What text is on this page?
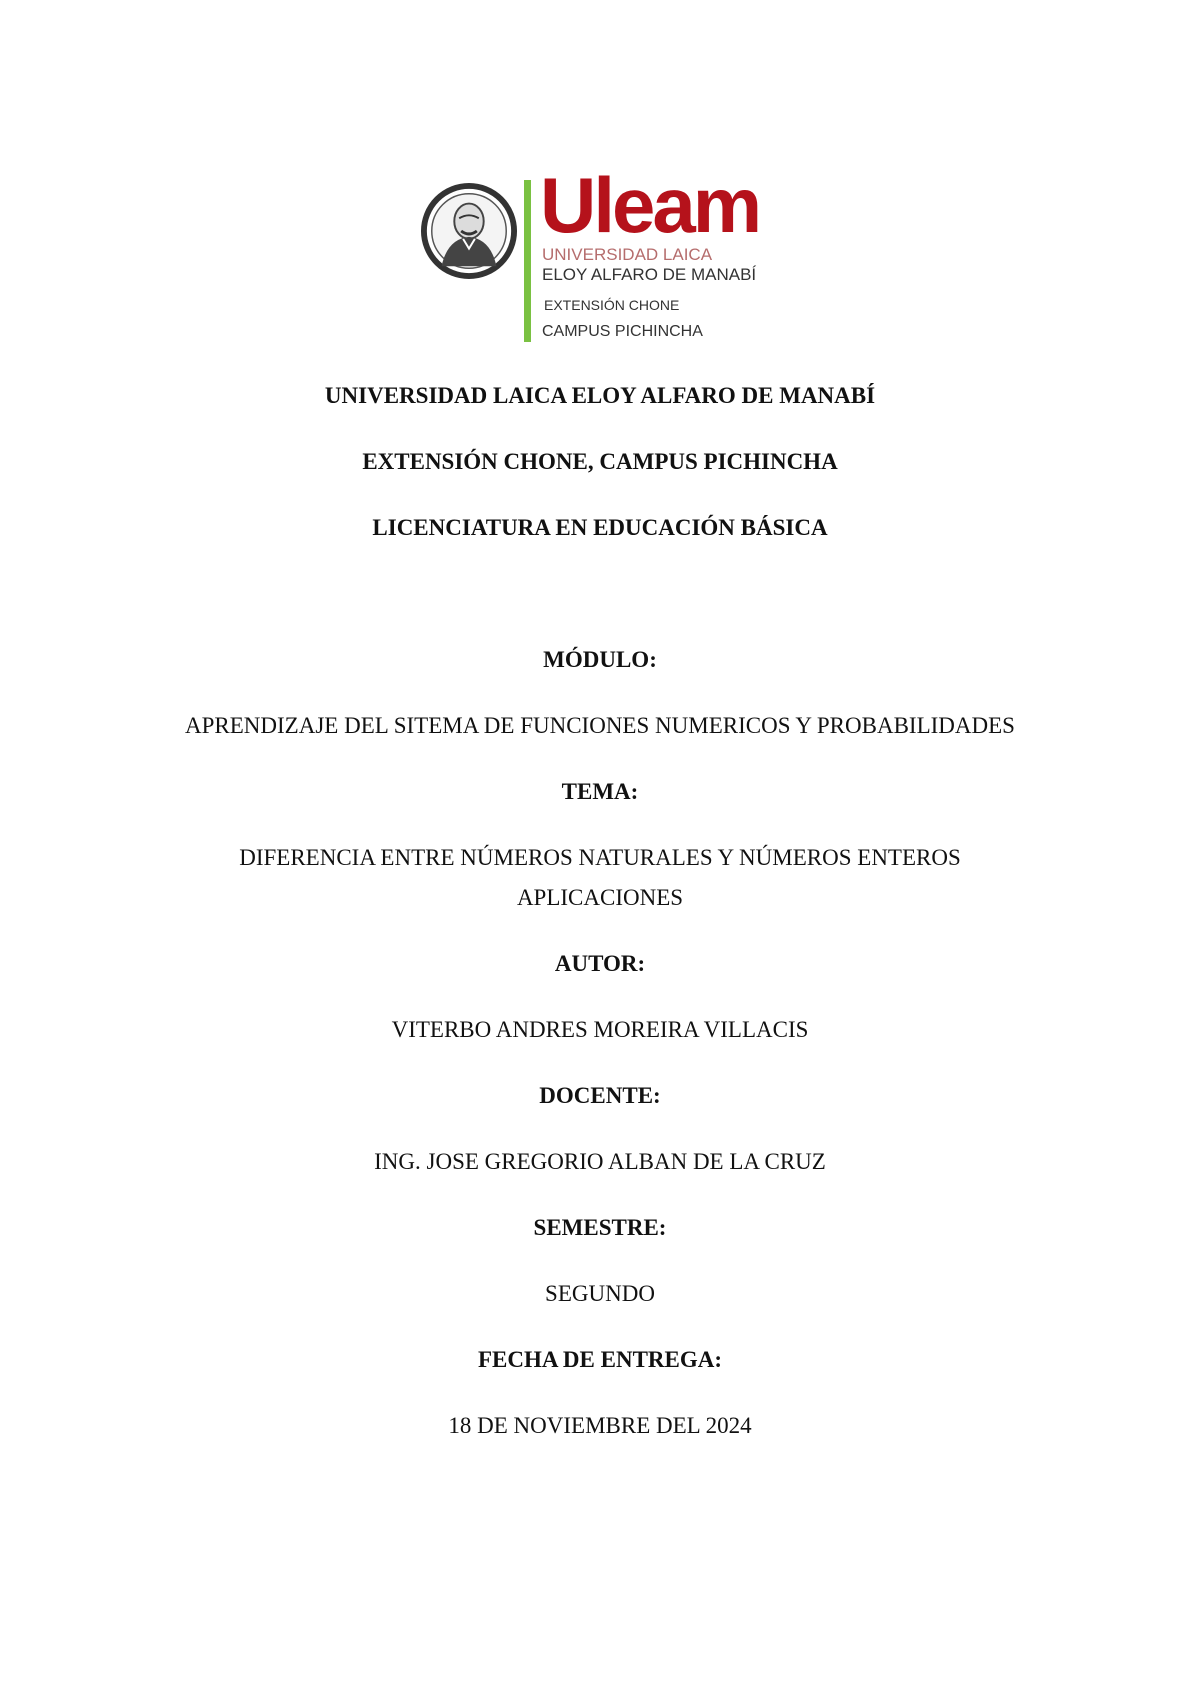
Uleam
UNIVERSIDAD LAICA
ELOY ALFARO DE MANABÍ
EXTENSIÓN CHONE
CAMPUS PICHINCHA
UNIVERSIDAD LAICA ELOY ALFARO DE MANABÍ
EXTENSIÓN CHONE, CAMPUS PICHINCHA
LICENCIATURA EN EDUCACIÓN BÁSICA
MÓDULO:
APRENDIZAJE DEL SITEMA DE FUNCIONES NUMERICOS Y PROBABILIDADES
TEMA:
DIFERENCIA ENTRE NÚMEROS NATURALES Y NÚMEROS ENTEROS
APLICACIONES
AUTOR:
VITERBO ANDRES MOREIRA VILLACIS
DOCENTE:
ING. JOSE GREGORIO ALBAN DE LA CRUZ
SEMESTRE:
SEGUNDO
FECHA DE ENTREGA:
18 DE NOVIEMBRE DEL 2024
